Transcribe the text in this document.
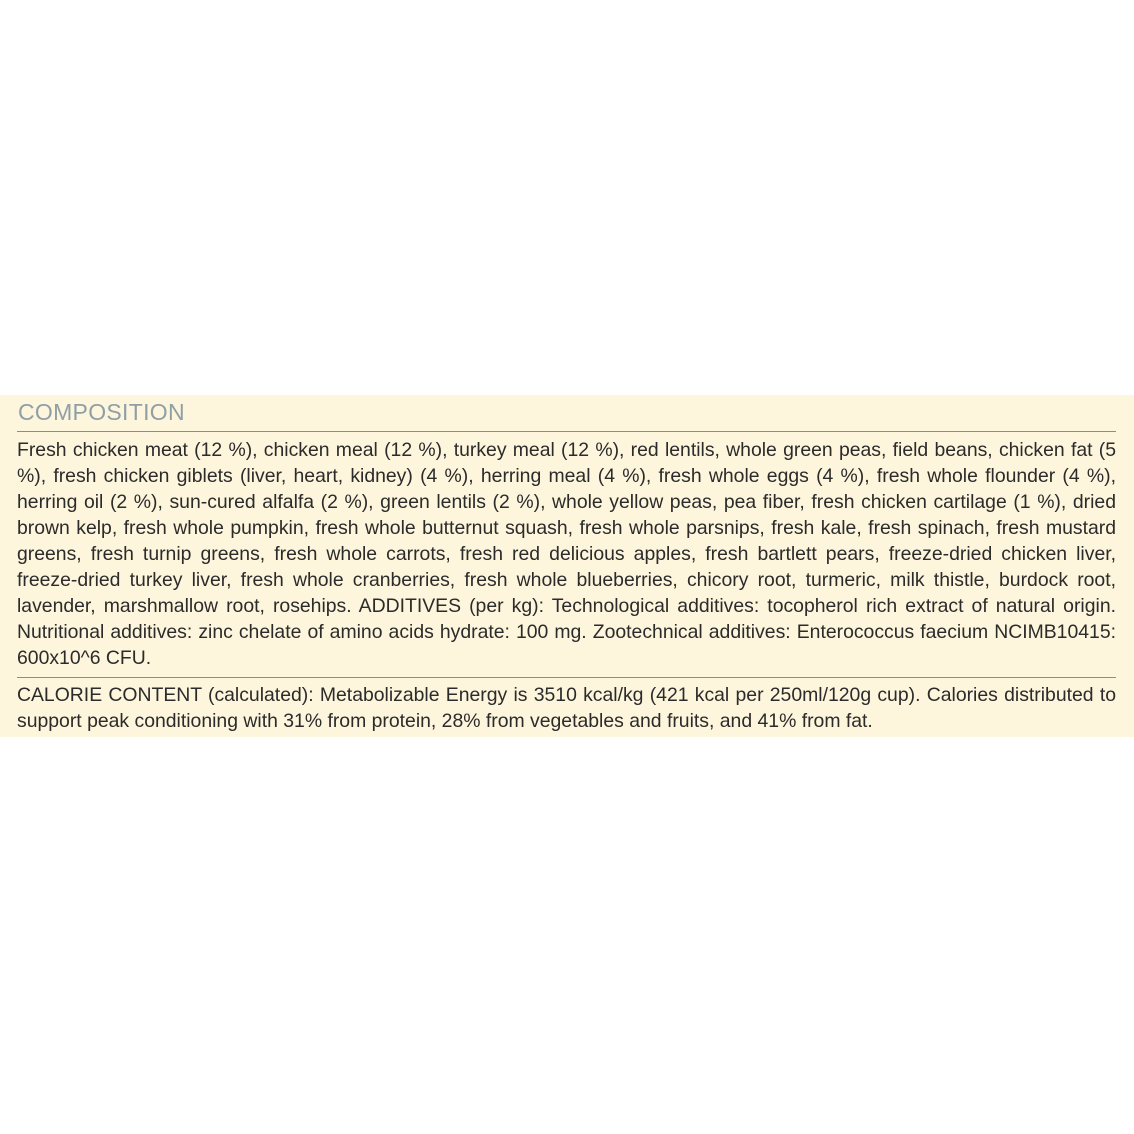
COMPOSITION

Fresh chicken meat (12 %), chicken meal (12 %), turkey meal (12 %), red lentils, whole green peas, field beans, chicken fat (5 %), fresh chicken giblets (liver, heart, kidney) (4 %), herring meal (4 %), fresh whole eggs (4 %), fresh whole flounder (4 %), herring oil (2 %), sun-cured alfalfa (2 %), green lentils (2 %), whole yellow peas, pea fiber, fresh chicken cartilage (1 %), dried brown kelp, fresh whole pumpkin, fresh whole butternut squash, fresh whole parsnips, fresh kale, fresh spinach, fresh mustard greens, fresh turnip greens, fresh whole carrots, fresh red delicious apples, fresh bartlett pears, freeze-dried chicken liver, freeze-dried turkey liver, fresh whole cranberries, fresh whole blueberries, chicory root, turmeric, milk thistle, burdock root, lavender, marshmallow root, rosehips. ADDITIVES (per kg): Technological additives: tocopherol rich extract of natural origin. Nutritional additives: zinc chelate of amino acids hydrate: 100 mg. Zootechnical additives: Enterococcus faecium NCIMB10415: 600x10^6 CFU.

CALORIE CONTENT (calculated): Metabolizable Energy is 3510 kcal/kg (421 kcal per 250ml/120g cup). Calories distributed to support peak conditioning with 31% from protein, 28% from vegetables and fruits, and 41% from fat.
